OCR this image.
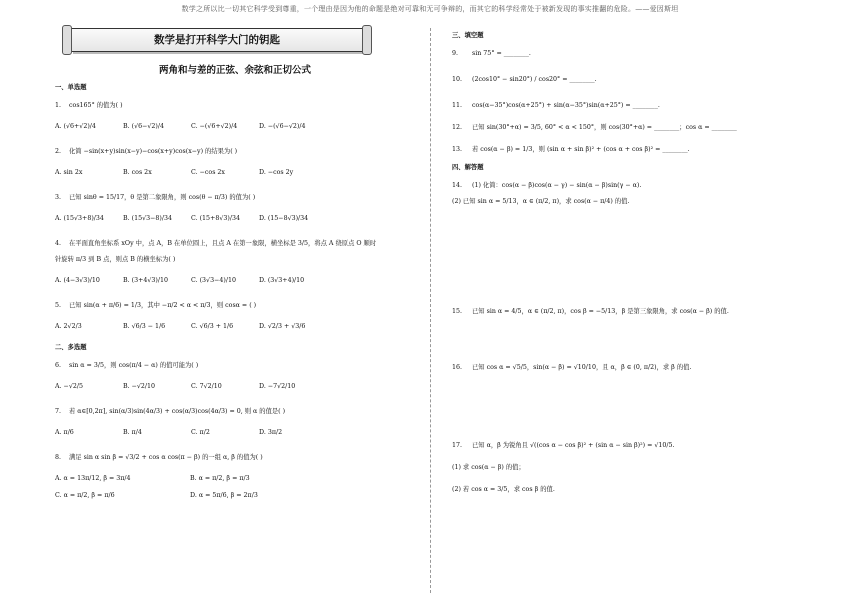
数学之所以比一切其它科学受到尊重，一个理由是因为他的命题是绝对可靠和无可争辩的，而其它的科学经常处于被新发现的事实推翻的危险。——爱因斯坦
数学是打开科学大门的钥匙
两角和与差的正弦、余弦和正切公式
一、单选题
1.	cos165° 的值为( )
A. (√6+√2)/4	B. (√6−√2)/4	C. −(√6+√2)/4	D. −(√6−√2)/4
2.	化简 −sin(x+y)sin(x−y)−cos(x+y)cos(x−y) 的结果为( )
A. sin 2x	B. cos 2x	C. −cos 2x	D. −cos 2y
3.	已知 sinθ = 15/17，θ 是第二象限角，则 cos(θ − π/3) 的值为( )
A. (15√3+8)/34	B. (15√3−8)/34	C. (15+8√3)/34	D. (15−8√3)/34
4.	在平面直角坐标系 xOy 中，点 A，B 在单位圆上，且点 A 在第一象限，横坐标是 3/5，将点 A 绕原点 O 顺时
针旋转 π/3 到 B 点，则点 B 的横坐标为( )
A. (4−3√3)/10	B. (3+4√3)/10	C. (3√3−4)/10	D. (3√3+4)/10
5.	已知 sin(α + π/6) = 1/3，其中 −π/2 < α < π/3，则 cosα = ( )
A. 2√2/3	B. √6/3 − 1/6	C. √6/3 + 1/6	D. √2/3 + √3/6
二、多选题
6.	sin α = 3/5，则 cos(π/4 − α) 的值可能为( )
A. −√2/5	B. −√2/10	C. 7√2/10	D. −7√2/10
7.	若 α∈[0,2π], sin(α/3)sin(4α/3) + cos(α/3)cos(4α/3) = 0, 则 α 的值是( )
A. π/6	B. π/4	C. π/2	D. 3π/2
8.	满足 sin α sin β = √3/2 + cos α cos(π − β) 的一组 α, β 的值为( )
A. α = 13π/12, β = 3π/4	B. α = π/2, β = π/3
C. α = π/2, β = π/6	D. α = 5π/6, β = 2π/3
三、填空题
9.	sin 75° = ________.
10.	(2cos10° − sin20°) / cos20° = ________.
11.	cos(α−35°)cos(α+25°) + sin(α−35°)sin(α+25°) = ________.
12.	已知 sin(30°+α) = 3/5, 60° < α < 150°，则 cos(30°+α) = ________；cos α = ________
13.	若 cos(α − β) = 1/3，则 (sin α + sin β)² + (cos α + cos β)² = ________.
四、解答题
14.	(1) 化简：cos(α − β)cos(α − γ) − sin(α − β)sin(γ − α).
(2) 已知 sin α = 5/13，α ∈ (π/2, π)，求 cos(α − π/4) 的值.
15.	已知 sin α = 4/5，α ∈ (π/2, π)，cos β = −5/13，β 是第三象限角，求 cos(α − β) 的值.
16.	已知 cos α = √5/5，sin(α − β) = √10/10，且 α，β ∈ (0, π/2)，求 β 的值.
17.	已知 α，β 为锐角且 √((cos α − cos β)² + (sin α − sin β)²) = √10/5.
(1) 求 cos(α − β) 的值；
(2) 若 cos α = 3/5，求 cos β 的值.
